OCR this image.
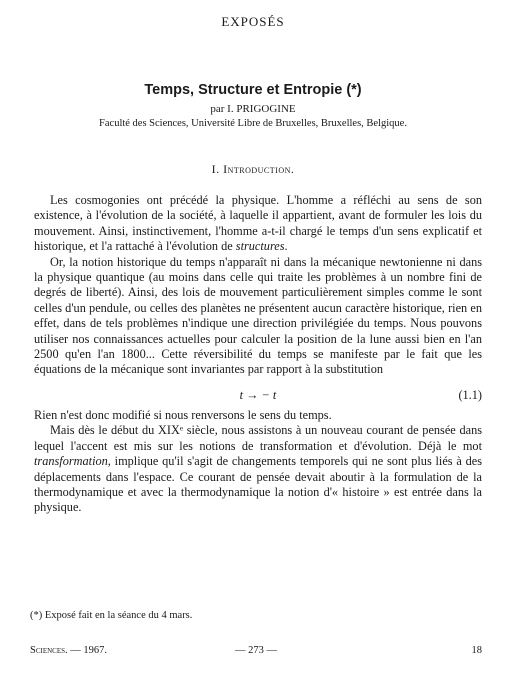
EXPOSÉS
Temps, Structure et Entropie (*)
par I. PRIGOGINE
Faculté des Sciences, Université Libre de Bruxelles, Bruxelles, Belgique.
I. Introduction.

Les cosmogonies ont précédé la physique. L'homme a réfléchi au sens de son existence, à l'évolution de la société, à laquelle il appartient, avant de formuler les lois du mouvement. Ainsi, instinctivement, l'homme a-t-il chargé le temps d'un sens explicatif et historique, et l'a rattaché à l'évolution de structures.

Or, la notion historique du temps n'apparaît ni dans la mécanique newtonienne ni dans la physique quantique (au moins dans celle qui traite les problèmes à un nombre fini de degrés de liberté). Ainsi, des lois de mouvement particulièrement simples comme le sont celles d'un pendule, ou celles des planètes ne présentent aucun caractère historique, rien en effet, dans de tels problèmes n'indique une direction privilégiée du temps. Nous pouvons utiliser nos connaissances actuelles pour calculer la position de la lune aussi bien en l'an 2500 qu'en l'an 1800... Cette réversibilité du temps se manifeste par le fait que les équations de la mécanique sont invariantes par rapport à la substitution

t → − t	(1.1)

Rien n'est donc modifié si nous renversons le sens du temps.

Mais dès le début du XIXᵉ siècle, nous assistons à un nouveau courant de pensée dans lequel l'accent est mis sur les notions de transformation et d'évolution. Déjà le mot transformation, implique qu'il s'agit de changements temporels qui ne sont plus liés à des déplacements dans l'espace. Ce courant de pensée devait aboutir à la formulation de la thermodynamique et avec la thermodynamique la notion d'« histoire » est entrée dans la physique.

(*) Exposé fait en la séance du 4 mars.
Sciences. — 1967.	— 273 —	18
